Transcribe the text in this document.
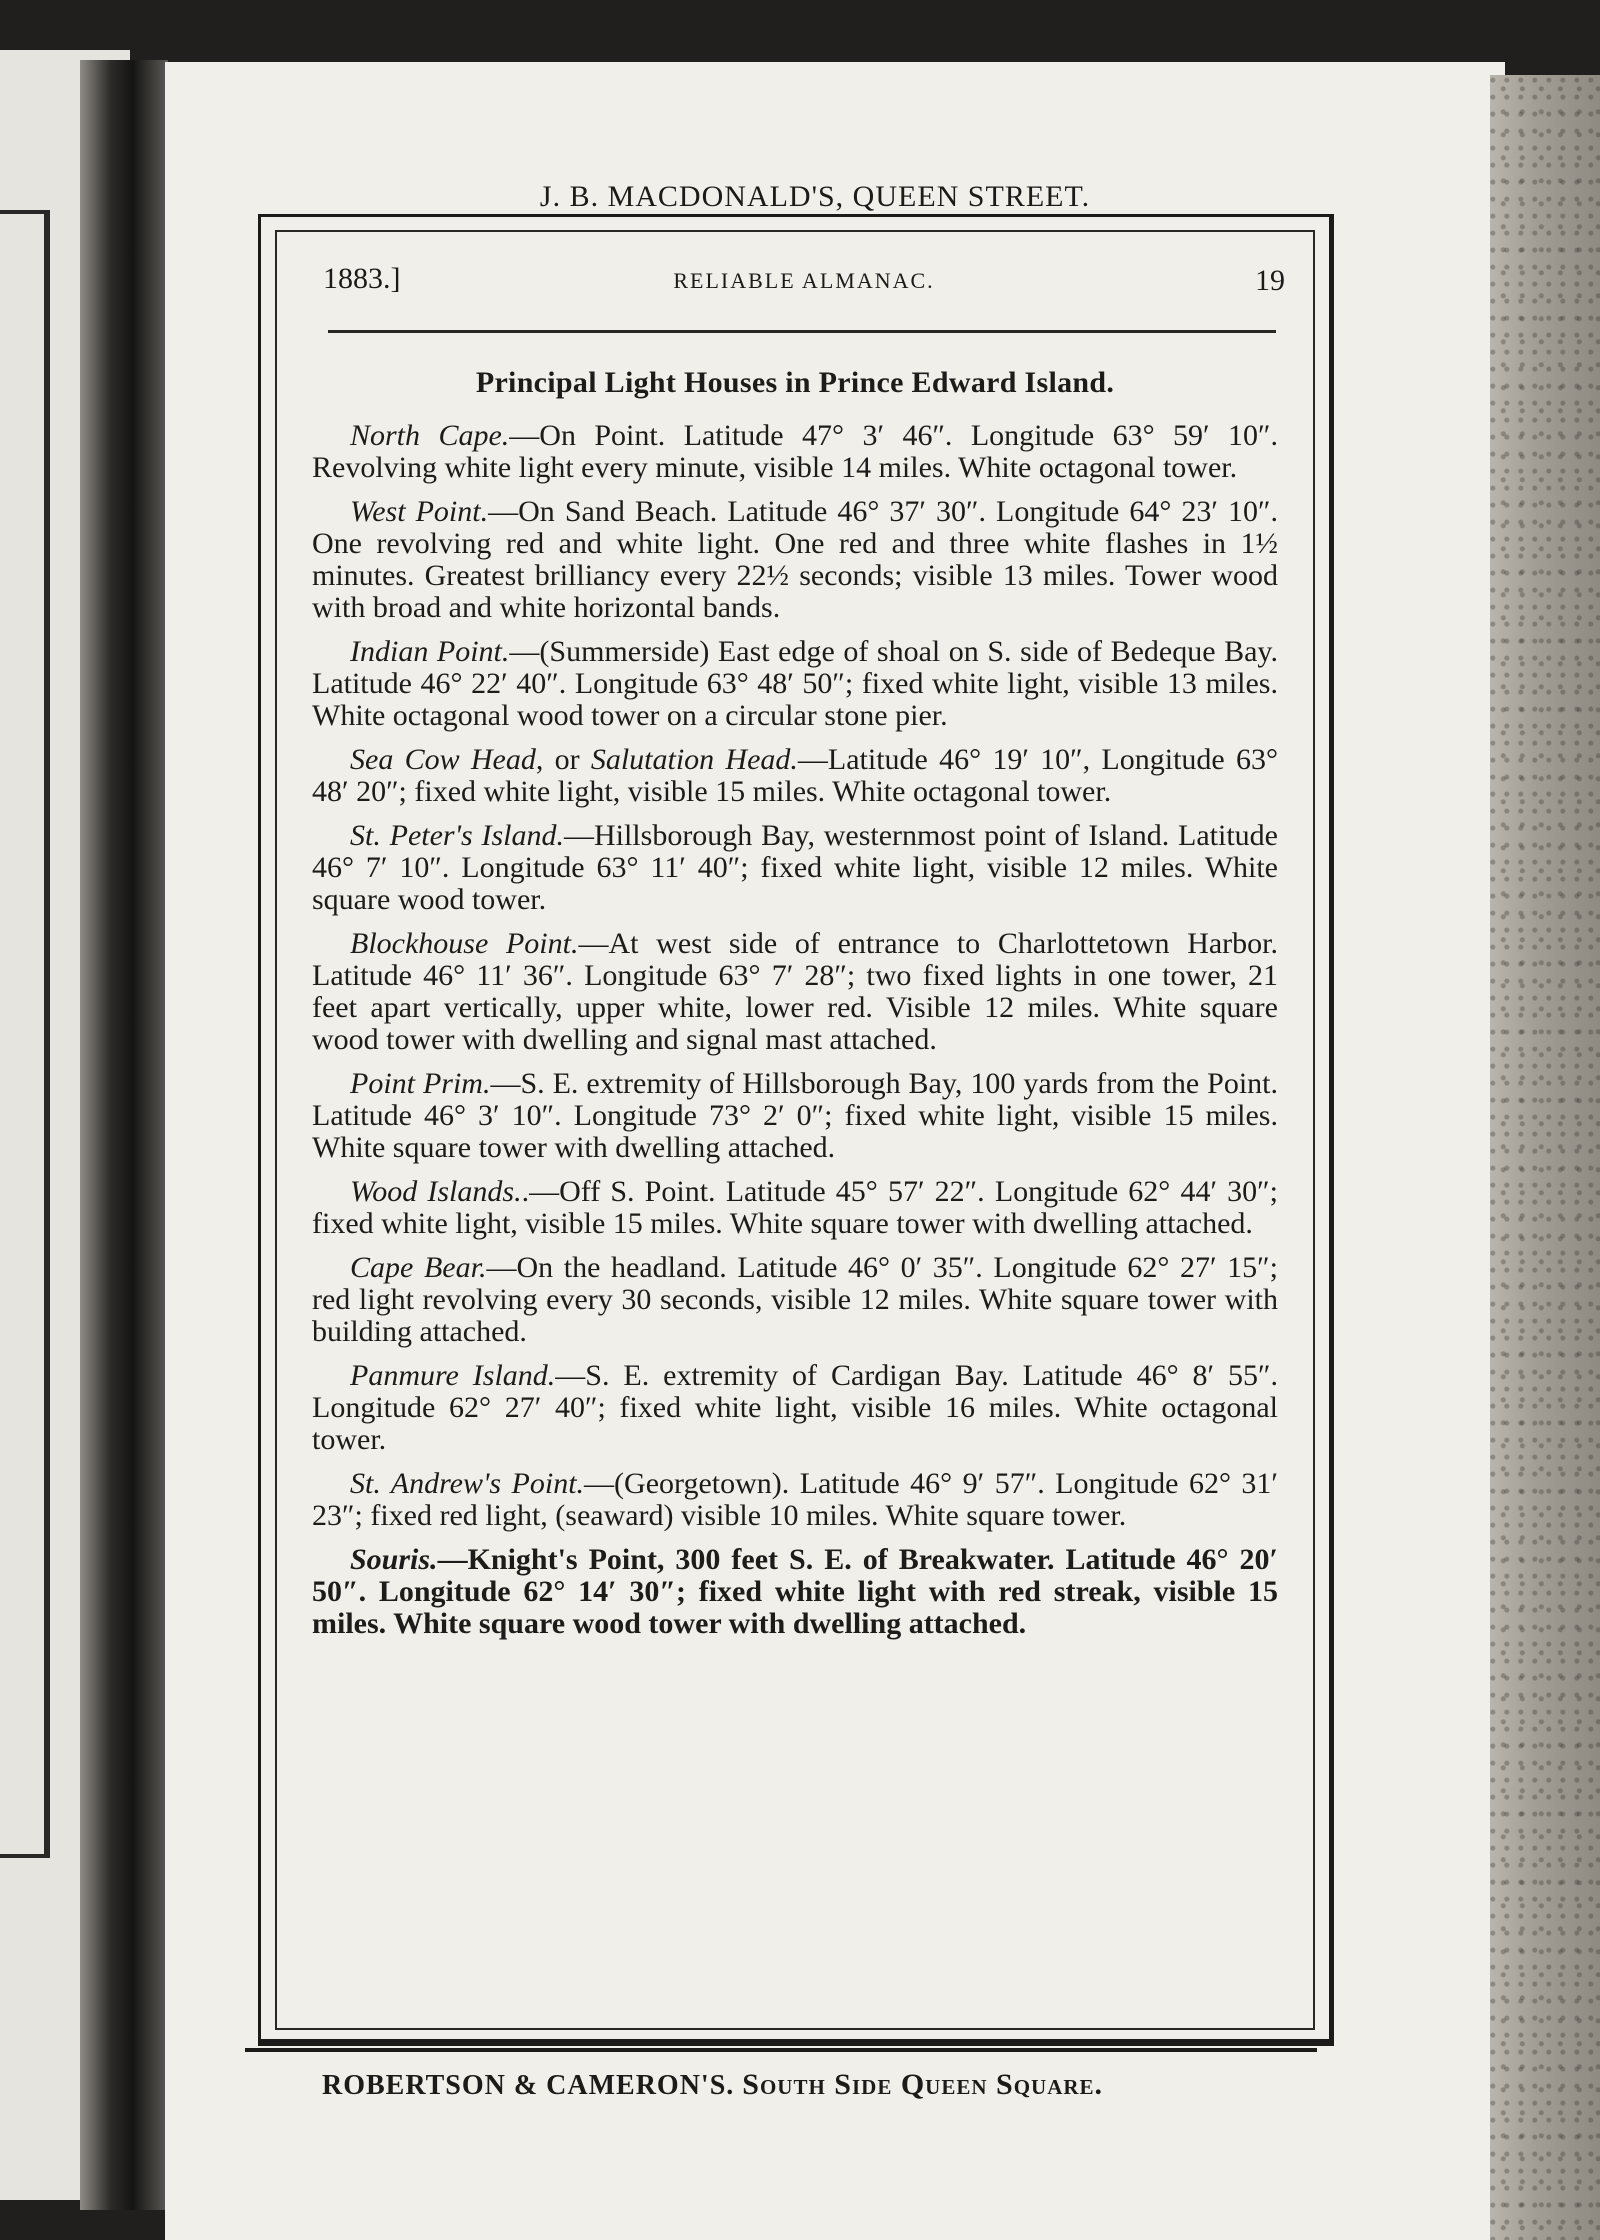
J. B. MACDONALD'S, QUEEN STREET.
1883.]	RELIABLE ALMANAC.	19
Principal Light Houses in Prince Edward Island.

North Cape.—On Point. Latitude 47° 3′ 46″. Longitude 63° 59′ 10″. Revolving white light every minute, visible 14 miles. White octagonal tower.

West Point.—On Sand Beach. Latitude 46° 37′ 30″. Longitude 64° 23′ 10″. One revolving red and white light. One red and three white flashes in 1½ minutes. Greatest brilliancy every 22½ seconds; visible 13 miles. Tower wood with broad and white horizontal bands.

Indian Point.—(Summerside) East edge of shoal on S. side of Bedeque Bay. Latitude 46° 22′ 40″. Longitude 63° 48′ 50″; fixed white light, visible 13 miles. White octagonal wood tower on a circular stone pier.

Sea Cow Head, or Salutation Head.—Latitude 46° 19′ 10″, Longitude 63° 48′ 20″; fixed white light, visible 15 miles. White octagonal tower.

St. Peter's Island.—Hillsborough Bay, westernmost point of Island. Latitude 46° 7′ 10″. Longitude 63° 11′ 40″; fixed white light, visible 12 miles. White square wood tower.

Blockhouse Point.—At west side of entrance to Charlottetown Harbor. Latitude 46° 11′ 36″. Longitude 63° 7′ 28″; two fixed lights in one tower, 21 feet apart vertically, upper white, lower red. Visible 12 miles. White square wood tower with dwelling and signal mast attached.

Point Prim.—S. E. extremity of Hillsborough Bay, 100 yards from the Point. Latitude 46° 3′ 10″. Longitude 73° 2′ 0″; fixed white light, visible 15 miles. White square tower with dwelling attached.

Wood Islands..—Off S. Point. Latitude 45° 57′ 22″. Longitude 62° 44′ 30″; fixed white light, visible 15 miles. White square tower with dwelling attached.

Cape Bear.—On the headland. Latitude 46° 0′ 35″. Longitude 62° 27′ 15″; red light revolving every 30 seconds, visible 12 miles. White square tower with building attached.

Panmure Island.—S. E. extremity of Cardigan Bay. Latitude 46° 8′ 55″. Longitude 62° 27′ 40″; fixed white light, visible 16 miles. White octagonal tower.

St. Andrew's Point.—(Georgetown). Latitude 46° 9′ 57″. Longitude 62° 31′ 23″; fixed red light, (seaward) visible 10 miles. White square tower.

Souris.—Knight's Point, 300 feet S. E. of Breakwater. Latitude 46° 20′ 50″. Longitude 62° 14′ 30″; fixed white light with red streak, visible 15 miles. White square wood tower with dwelling attached.

ROBERTSON & CAMERON'S. South Side Queen Square.
